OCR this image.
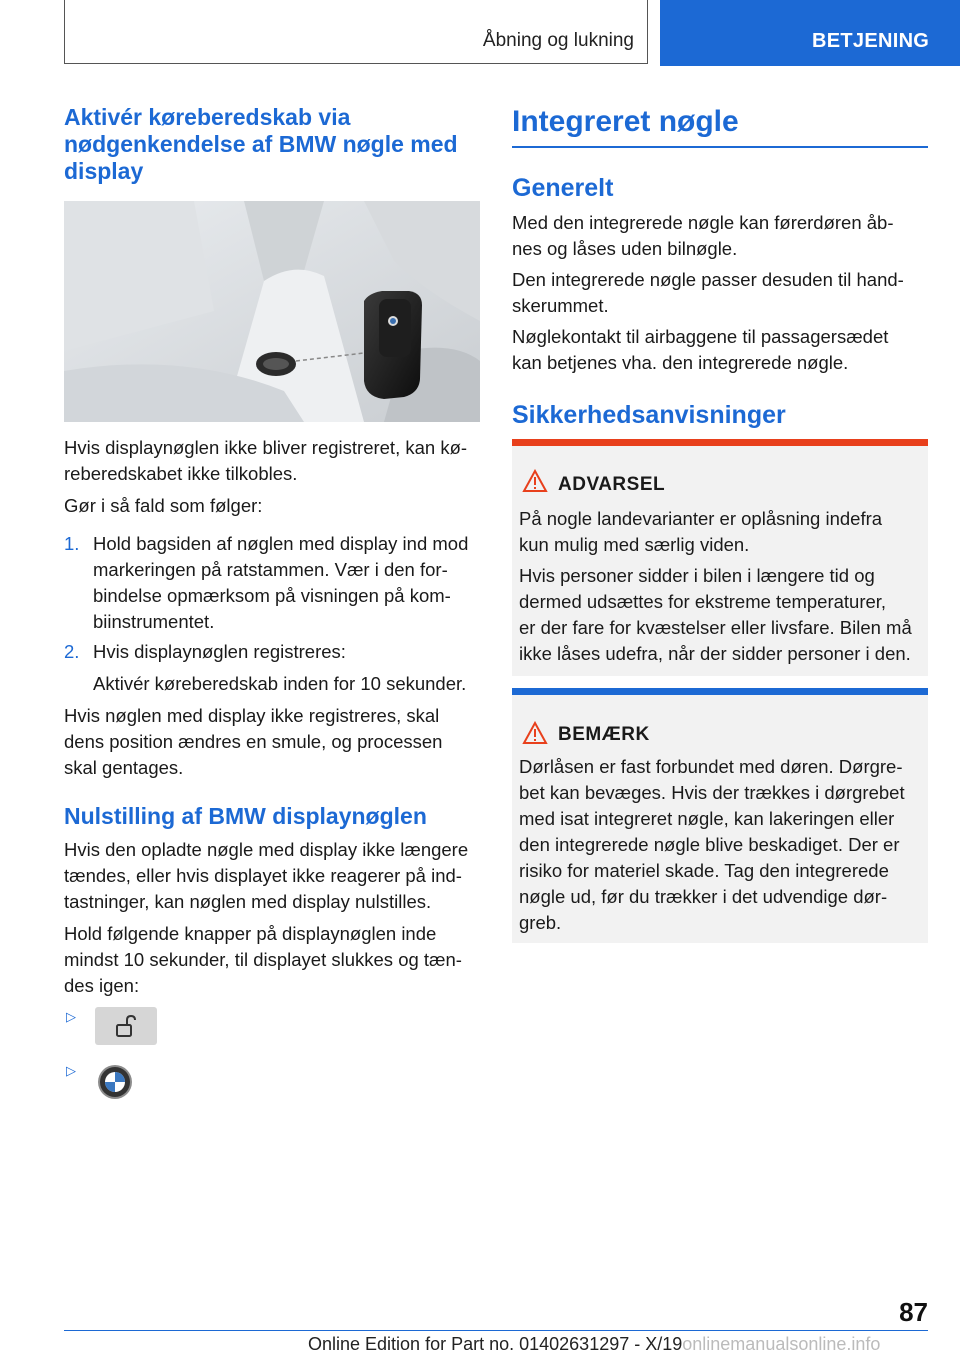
Åbning og lukning	BETJENING
Aktivér køreberedskab via
nødgenkendelse af BMW nøgle med
display

Hvis displaynøglen ikke bliver registreret, kan kø-

reberedskabet ikke tilkobles.

Gør i så fald som følger:

1. Hold bagsiden af nøglen med display ind mod
markeringen på ratstammen. Vær i den for-
bindelse opmærksom på visningen på kom-
biinstrumentet.
2. Hvis displaynøglen registreres:
Aktivér køreberedskab inden for 10 sekunder.

Hvis nøglen med display ikke registreres, skal

dens position ændres en smule, og processen

skal gentages.

Nulstilling af BMW displaynøglen

Hvis den opladte nøgle med display ikke længere

tændes, eller hvis displayet ikke reagerer på ind-

tastninger, kan nøglen med display nulstilles.

Hold følgende knapper på displaynøglen inde

mindst 10 sekunder, til displayet slukkes og tæn-

des igen:

▷
▷
Integreret nøgle
Generelt

Med den integrerede nøgle kan førerdøren åb-

nes og låses uden bilnøgle.

Den integrerede nøgle passer desuden til hand-

skerummet.

Nøglekontakt til airbaggene til passagersædet

kan betjenes vha. den integrerede nøgle.

Sikkerhedsanvisninger
ADVARSEL

På nogle landevarianter er oplåsning indefra

kun mulig med særlig viden.

Hvis personer sidder i bilen i længere tid og

dermed udsættes for ekstreme temperaturer,

er der fare for kvæstelser eller livsfare. Bilen må

ikke låses udefra, når der sidder personer i den.

BEMÆRK

Dørlåsen er fast forbundet med døren. Dørgre-

bet kan bevæges. Hvis der trækkes i dørgrebet

med isat integreret nøgle, kan lakeringen eller

den integrerede nøgle blive beskadiget. Der er

risiko for materiel skade. Tag den integrerede

nøgle ud, før du trækker i det udvendige dør-

greb.

87
Online Edition for Part no. 01402631297 - X/19onlinemanualsonline.info
